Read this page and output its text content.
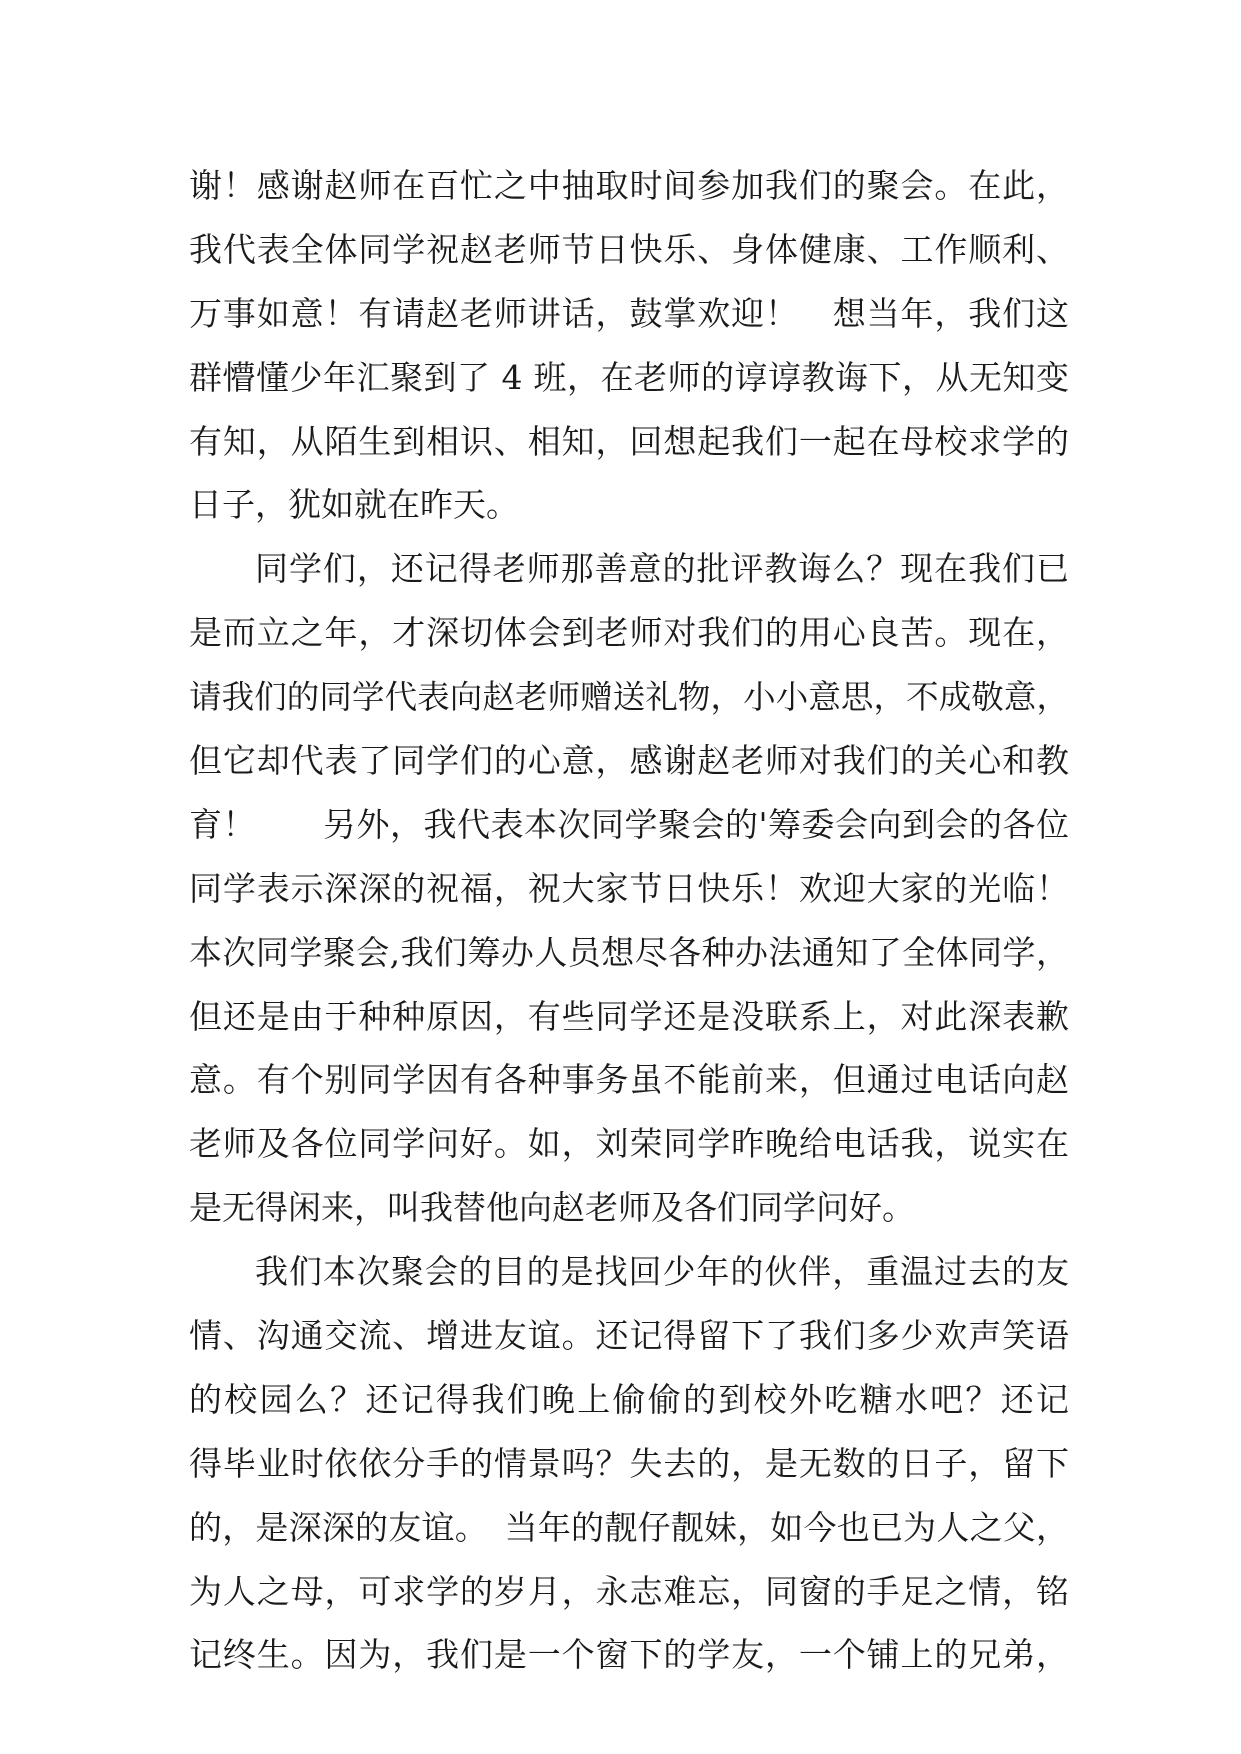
谢！感谢赵师在百忙之中抽取时间参加我们的聚会。在此，
我代表全体同学祝赵老师节日快乐、身体健康、工作顺利、
万事如意！有请赵老师讲话，鼓掌欢迎！　想当年，我们这
群懵懂少年汇聚到了 4 班，在老师的谆谆教诲下，从无知变
有知，从陌生到相识、相知，回想起我们一起在母校求学的
日子，犹如就在昨天。
同学们，还记得老师那善意的批评教诲么？现在我们已
是而立之年，才深切体会到老师对我们的用心良苦。现在，
请我们的同学代表向赵老师赠送礼物，小小意思，不成敬意，
但它却代表了同学们的心意，感谢赵老师对我们的关心和教
育！　　另外，我代表本次同学聚会的'筹委会向到会的各位
同学表示深深的祝福，祝大家节日快乐！欢迎大家的光临！
本次同学聚会,我们筹办人员想尽各种办法通知了全体同学，
但还是由于种种原因，有些同学还是没联系上，对此深表歉
意。有个别同学因有各种事务虽不能前来，但通过电话向赵
老师及各位同学问好。如，刘荣同学昨晚给电话我，说实在
是无得闲来，叫我替他向赵老师及各们同学问好。
我们本次聚会的目的是找回少年的伙伴，重温过去的友
情、沟通交流、增进友谊。还记得留下了我们多少欢声笑语
的校园么？还记得我们晚上偷偷的到校外吃糖水吧？还记
得毕业时依依分手的情景吗？失去的，是无数的日子，留下
的，是深深的友谊。　当年的靓仔靓妹，如今也已为人之父，
为人之母，可求学的岁月，永志难忘，同窗的手足之情，铭
记终生。因为，我们是一个窗下的学友，一个铺上的兄弟，
